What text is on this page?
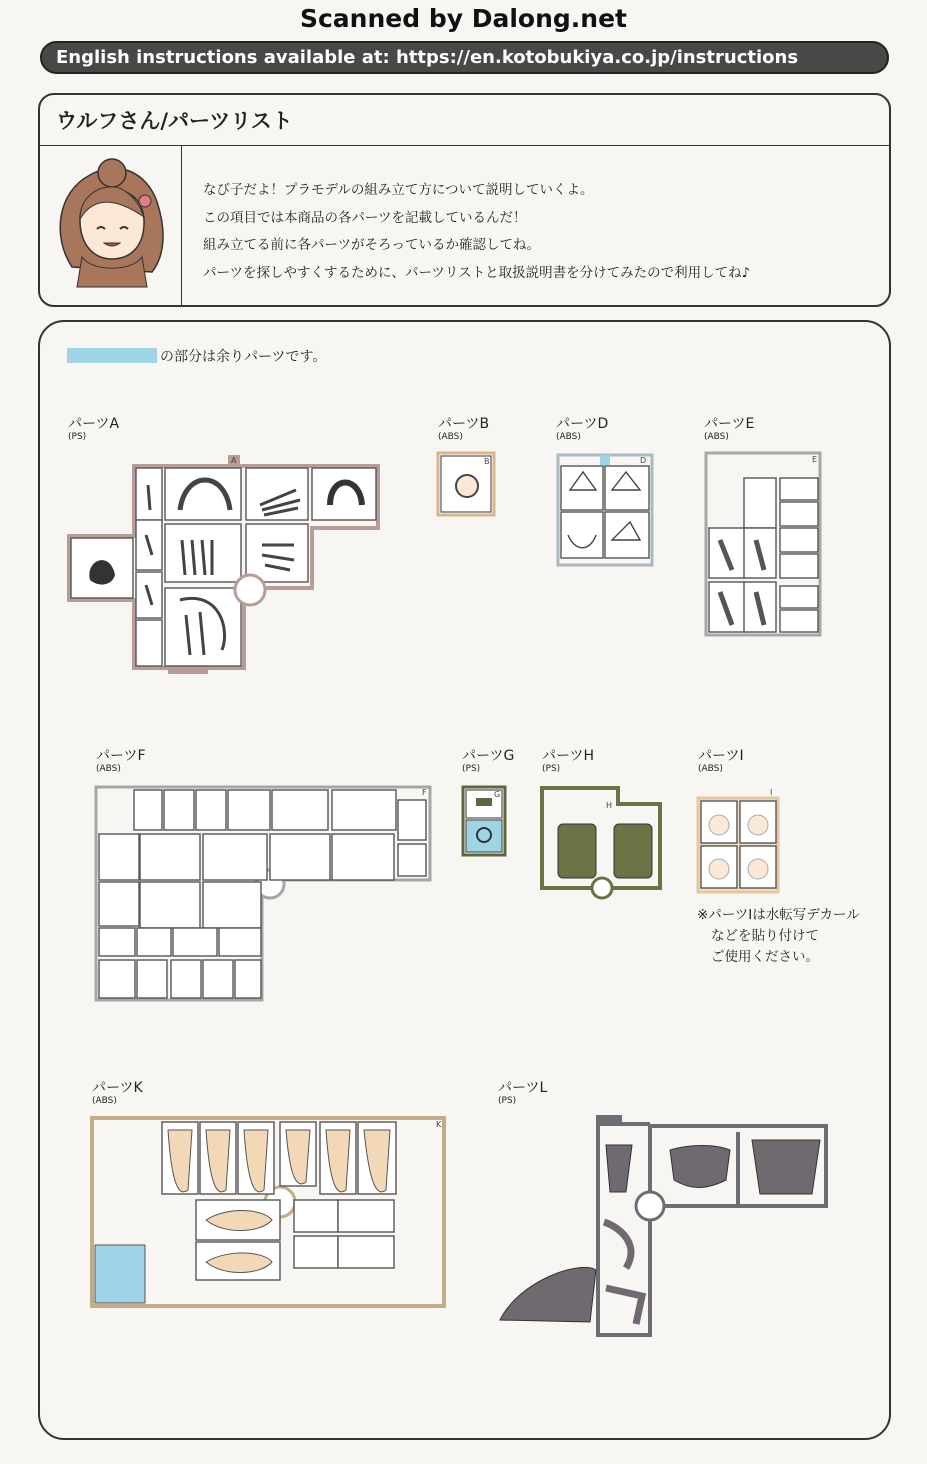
Scanned by Dalong.net
English instructions available at: https://en.kotobukiya.co.jp/instructions
ウルフさん/パーツリスト
なび子だよ！プラモデルの組み立て方について説明していくよ。
この項目では本商品の各パーツを記載しているんだ！
組み立てる前に各パーツがそろっているか確認してね。
パーツを探しやすくするために、パーツリストと取扱説明書を分けてみたので利用してね♪
の部分は余りパーツです。
パーツA
(PS)
パーツB
(ABS)
パーツD
(ABS)
パーツE
(ABS)
パーツF
(ABS)
パーツG
(PS)
パーツH
(PS)
パーツI
(ABS)
パーツK
(ABS)
パーツL
(PS)
A	B	D	E
F	G
H
I
K
※パーツIは水転写デカール
などを貼り付けて
ご使用ください。
